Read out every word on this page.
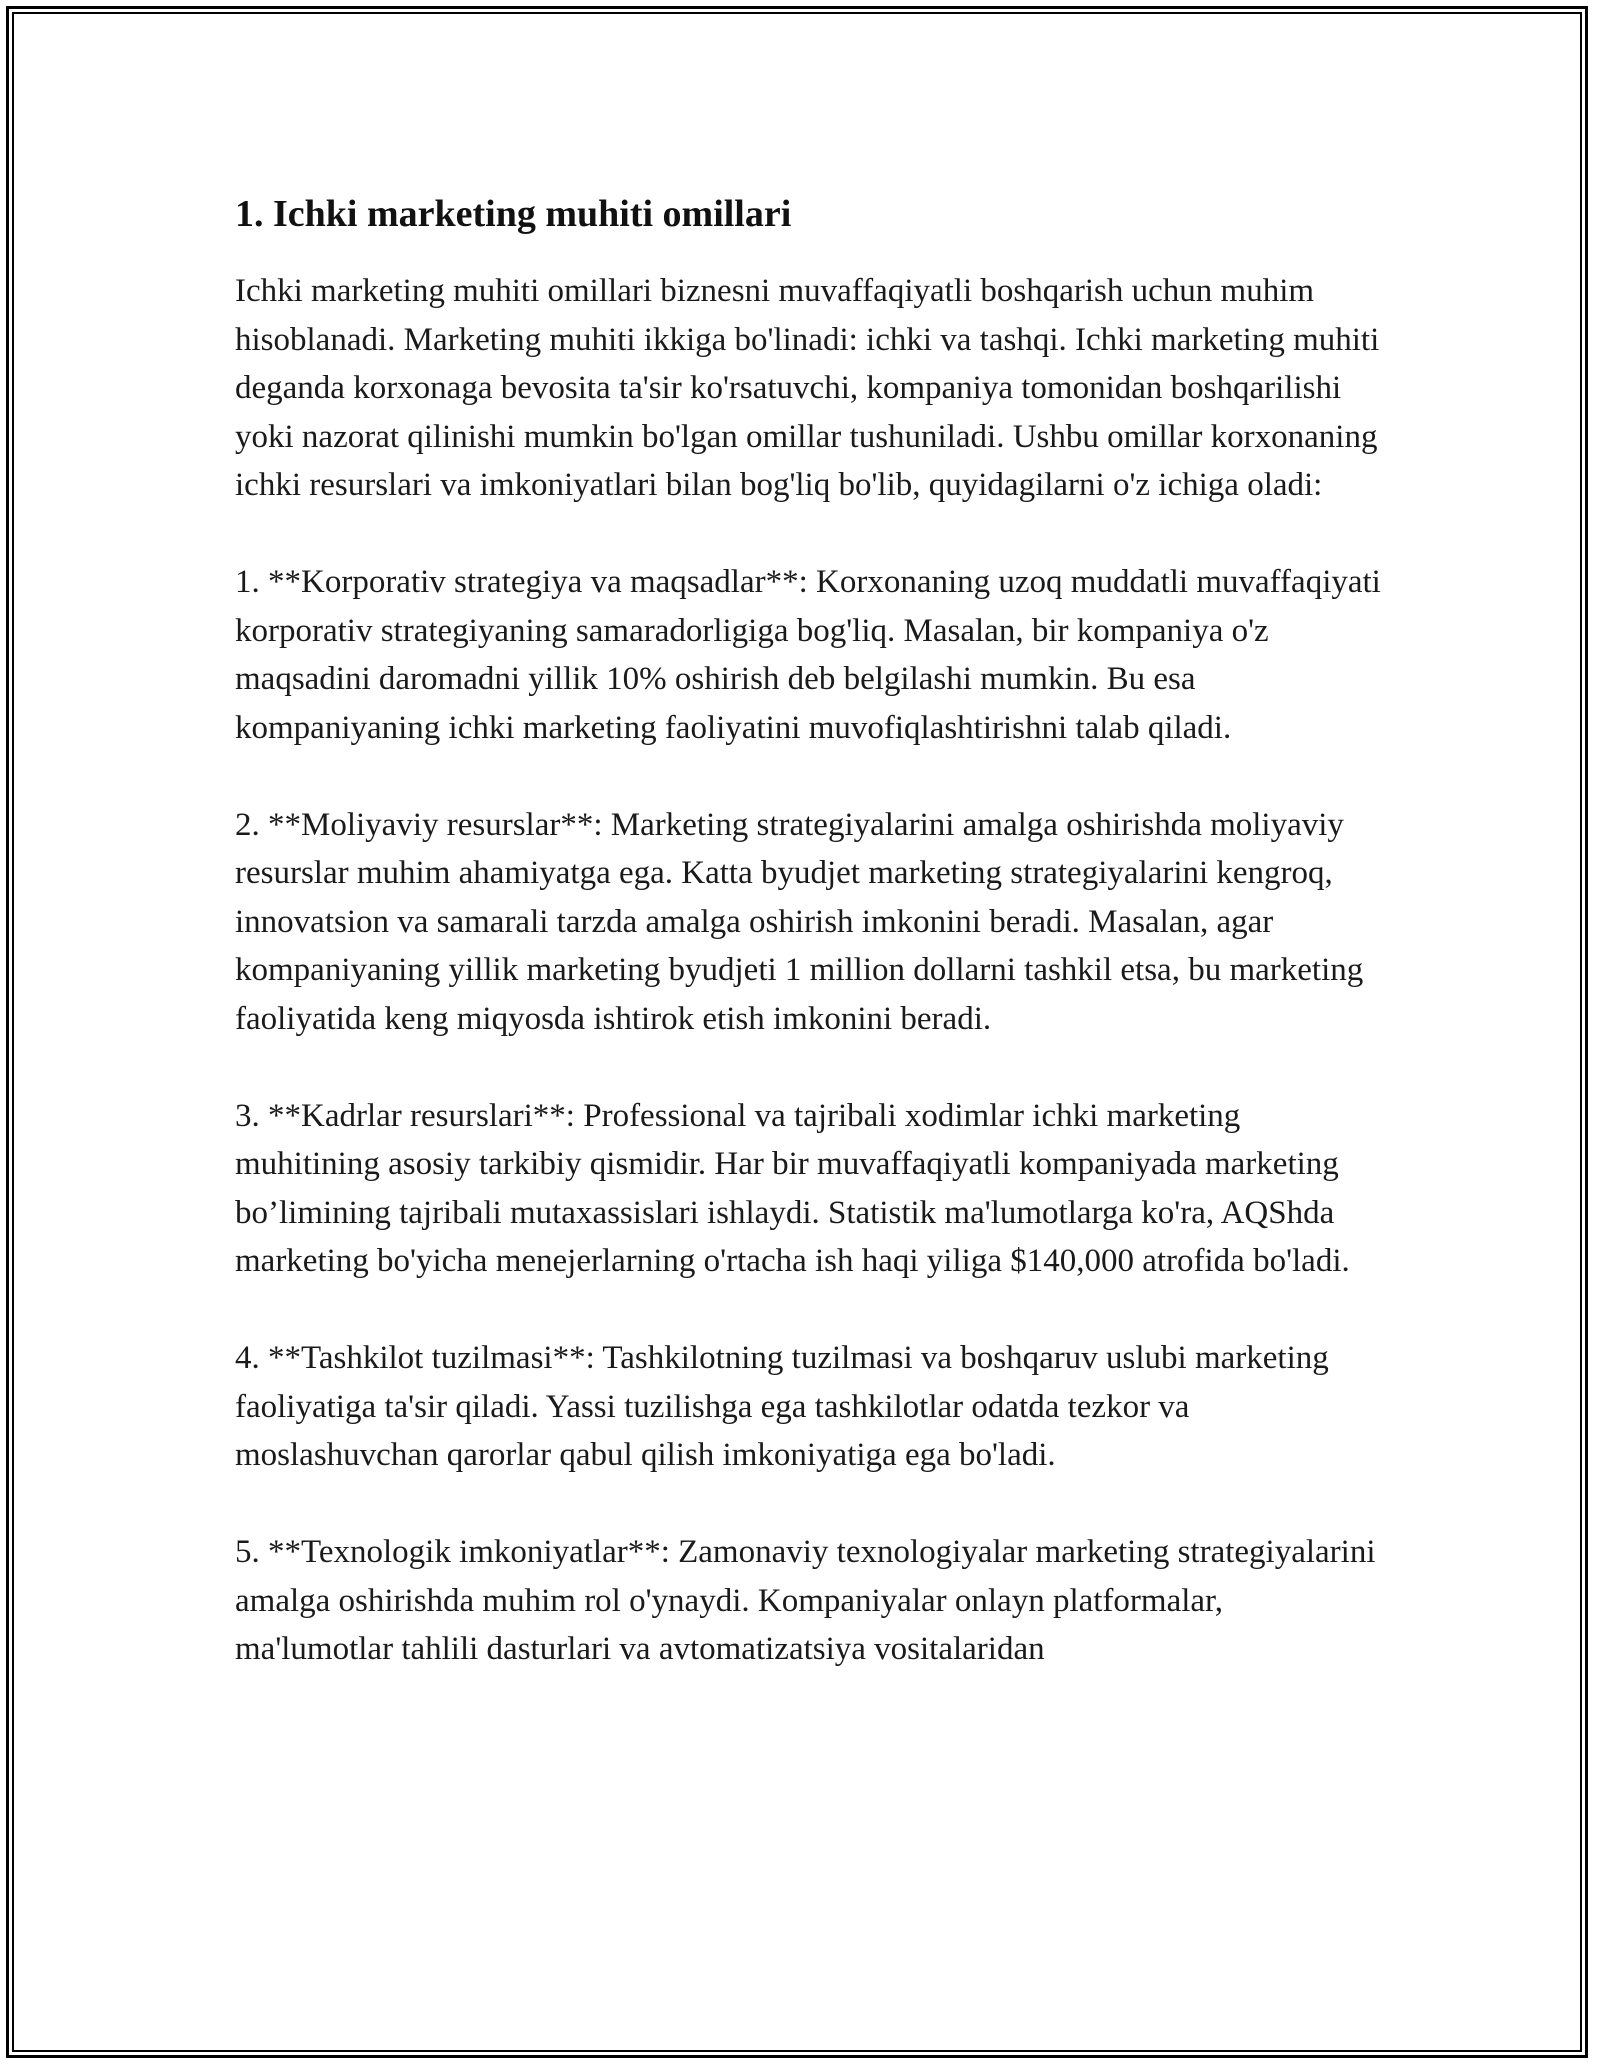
1. Ichki marketing muhiti omillari

Ichki marketing muhiti omillari biznesni muvaffaqiyatli boshqarish uchun muhim hisoblanadi. Marketing muhiti ikkiga bo'linadi: ichki va tashqi. Ichki marketing muhiti deganda korxonaga bevosita ta'sir ko'rsatuvchi, kompaniya tomonidan boshqarilishi yoki nazorat qilinishi mumkin bo'lgan omillar tushuniladi. Ushbu omillar korxonaning ichki resurslari va imkoniyatlari bilan bog'liq bo'lib, quyidagilarni o'z ichiga oladi:

1. **Korporativ strategiya va maqsadlar**: Korxonaning uzoq muddatli muvaffaqiyati korporativ strategiyaning samaradorligiga bog'liq. Masalan, bir kompaniya o'z maqsadini daromadni yillik 10% oshirish deb belgilashi mumkin. Bu esa kompaniyaning ichki marketing faoliyatini muvofiqlashtirishni talab qiladi.

2. **Moliyaviy resurslar**: Marketing strategiyalarini amalga oshirishda moliyaviy resurslar muhim ahamiyatga ega. Katta byudjet marketing strategiyalarini kengroq, innovatsion va samarali tarzda amalga oshirish imkonini beradi. Masalan, agar kompaniyaning yillik marketing byudjeti 1 million dollarni tashkil etsa, bu marketing faoliyatida keng miqyosda ishtirok etish imkonini beradi.

3. **Kadrlar resurslari**: Professional va tajribali xodimlar ichki marketing muhitining asosiy tarkibiy qismidir. Har bir muvaffaqiyatli kompaniyada marketing bo’limining tajribali mutaxassislari ishlaydi. Statistik ma'lumotlarga ko'ra, AQShda marketing bo'yicha menejerlarning o'rtacha ish haqi yiliga $140,000 atrofida bo'ladi.

4. **Tashkilot tuzilmasi**: Tashkilotning tuzilmasi va boshqaruv uslubi marketing faoliyatiga ta'sir qiladi. Yassi tuzilishga ega tashkilotlar odatda tezkor va moslashuvchan qarorlar qabul qilish imkoniyatiga ega bo'ladi.

5. **Texnologik imkoniyatlar**: Zamonaviy texnologiyalar marketing strategiyalarini amalga oshirishda muhim rol o'ynaydi. Kompaniyalar onlayn platformalar, ma'lumotlar tahlili dasturlari va avtomatizatsiya vositalaridan
